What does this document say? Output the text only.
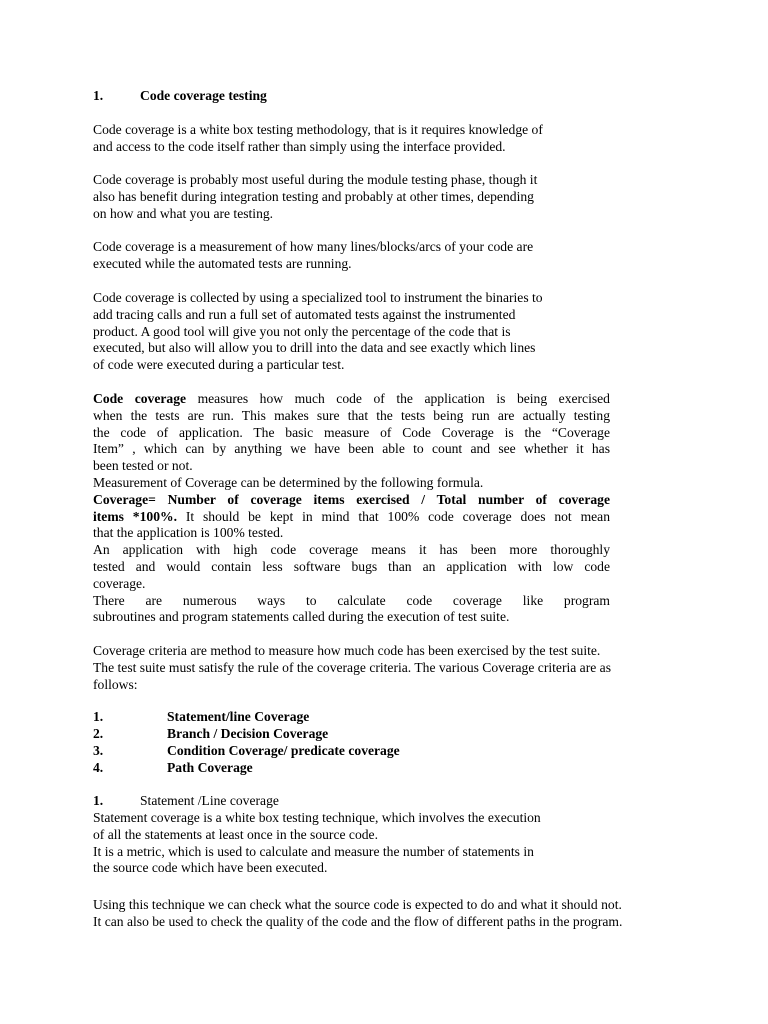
1.	Code coverage testing

Code coverage is a white box testing methodology, that is it requires knowledge of
and access to the code itself rather than simply using the interface provided.

Code coverage is probably most useful during the module testing phase, though it
also has benefit during integration testing and probably at other times, depending
on how and what you are testing.

Code coverage is a measurement of how many lines/blocks/arcs of your code are
executed while the automated tests are running.

Code coverage is collected by using a specialized tool to instrument the binaries to
add tracing calls and run a full set of automated tests against the instrumented
product. A good tool will give you not only the percentage of the code that is
executed, but also will allow you to drill into the data and see exactly which lines
of code were executed during a particular test.

Code coverage measures how much code of the application is being exercised
when the tests are run. This makes sure that the tests being run are actually testing
the code of application. The basic measure of Code Coverage is the “Coverage
Item” , which can by anything we have been able to count and see whether it has
been tested or not.
Measurement of Coverage can be determined by the following formula.
Coverage= Number of coverage items exercised / Total number of coverage
items *100%. It should be kept in mind that 100% code coverage does not mean
that the application is 100% tested.
An application with high code coverage means it has been more thoroughly
tested and would contain less software bugs than an application with low code
coverage.
There are numerous ways to calculate code coverage like program
subroutines and program statements called during the execution of test suite.

Coverage criteria are method to measure how much code has been exercised by the test suite.
The test suite must satisfy the rule of the coverage criteria. The various Coverage criteria are as
follows:

1.	Statement/line Coverage
2.	Branch / Decision Coverage
3.	Condition Coverage/ predicate coverage
4.	Path Coverage
1.	Statement /Line coverage

Statement coverage is a white box testing technique, which involves the execution
of all the statements at least once in the source code.
It is a metric, which is used to calculate and measure the number of statements in
the source code which have been executed.

Using this technique we can check what the source code is expected to do and what it should not.
It can also be used to check the quality of the code and the flow of different paths in the program.
